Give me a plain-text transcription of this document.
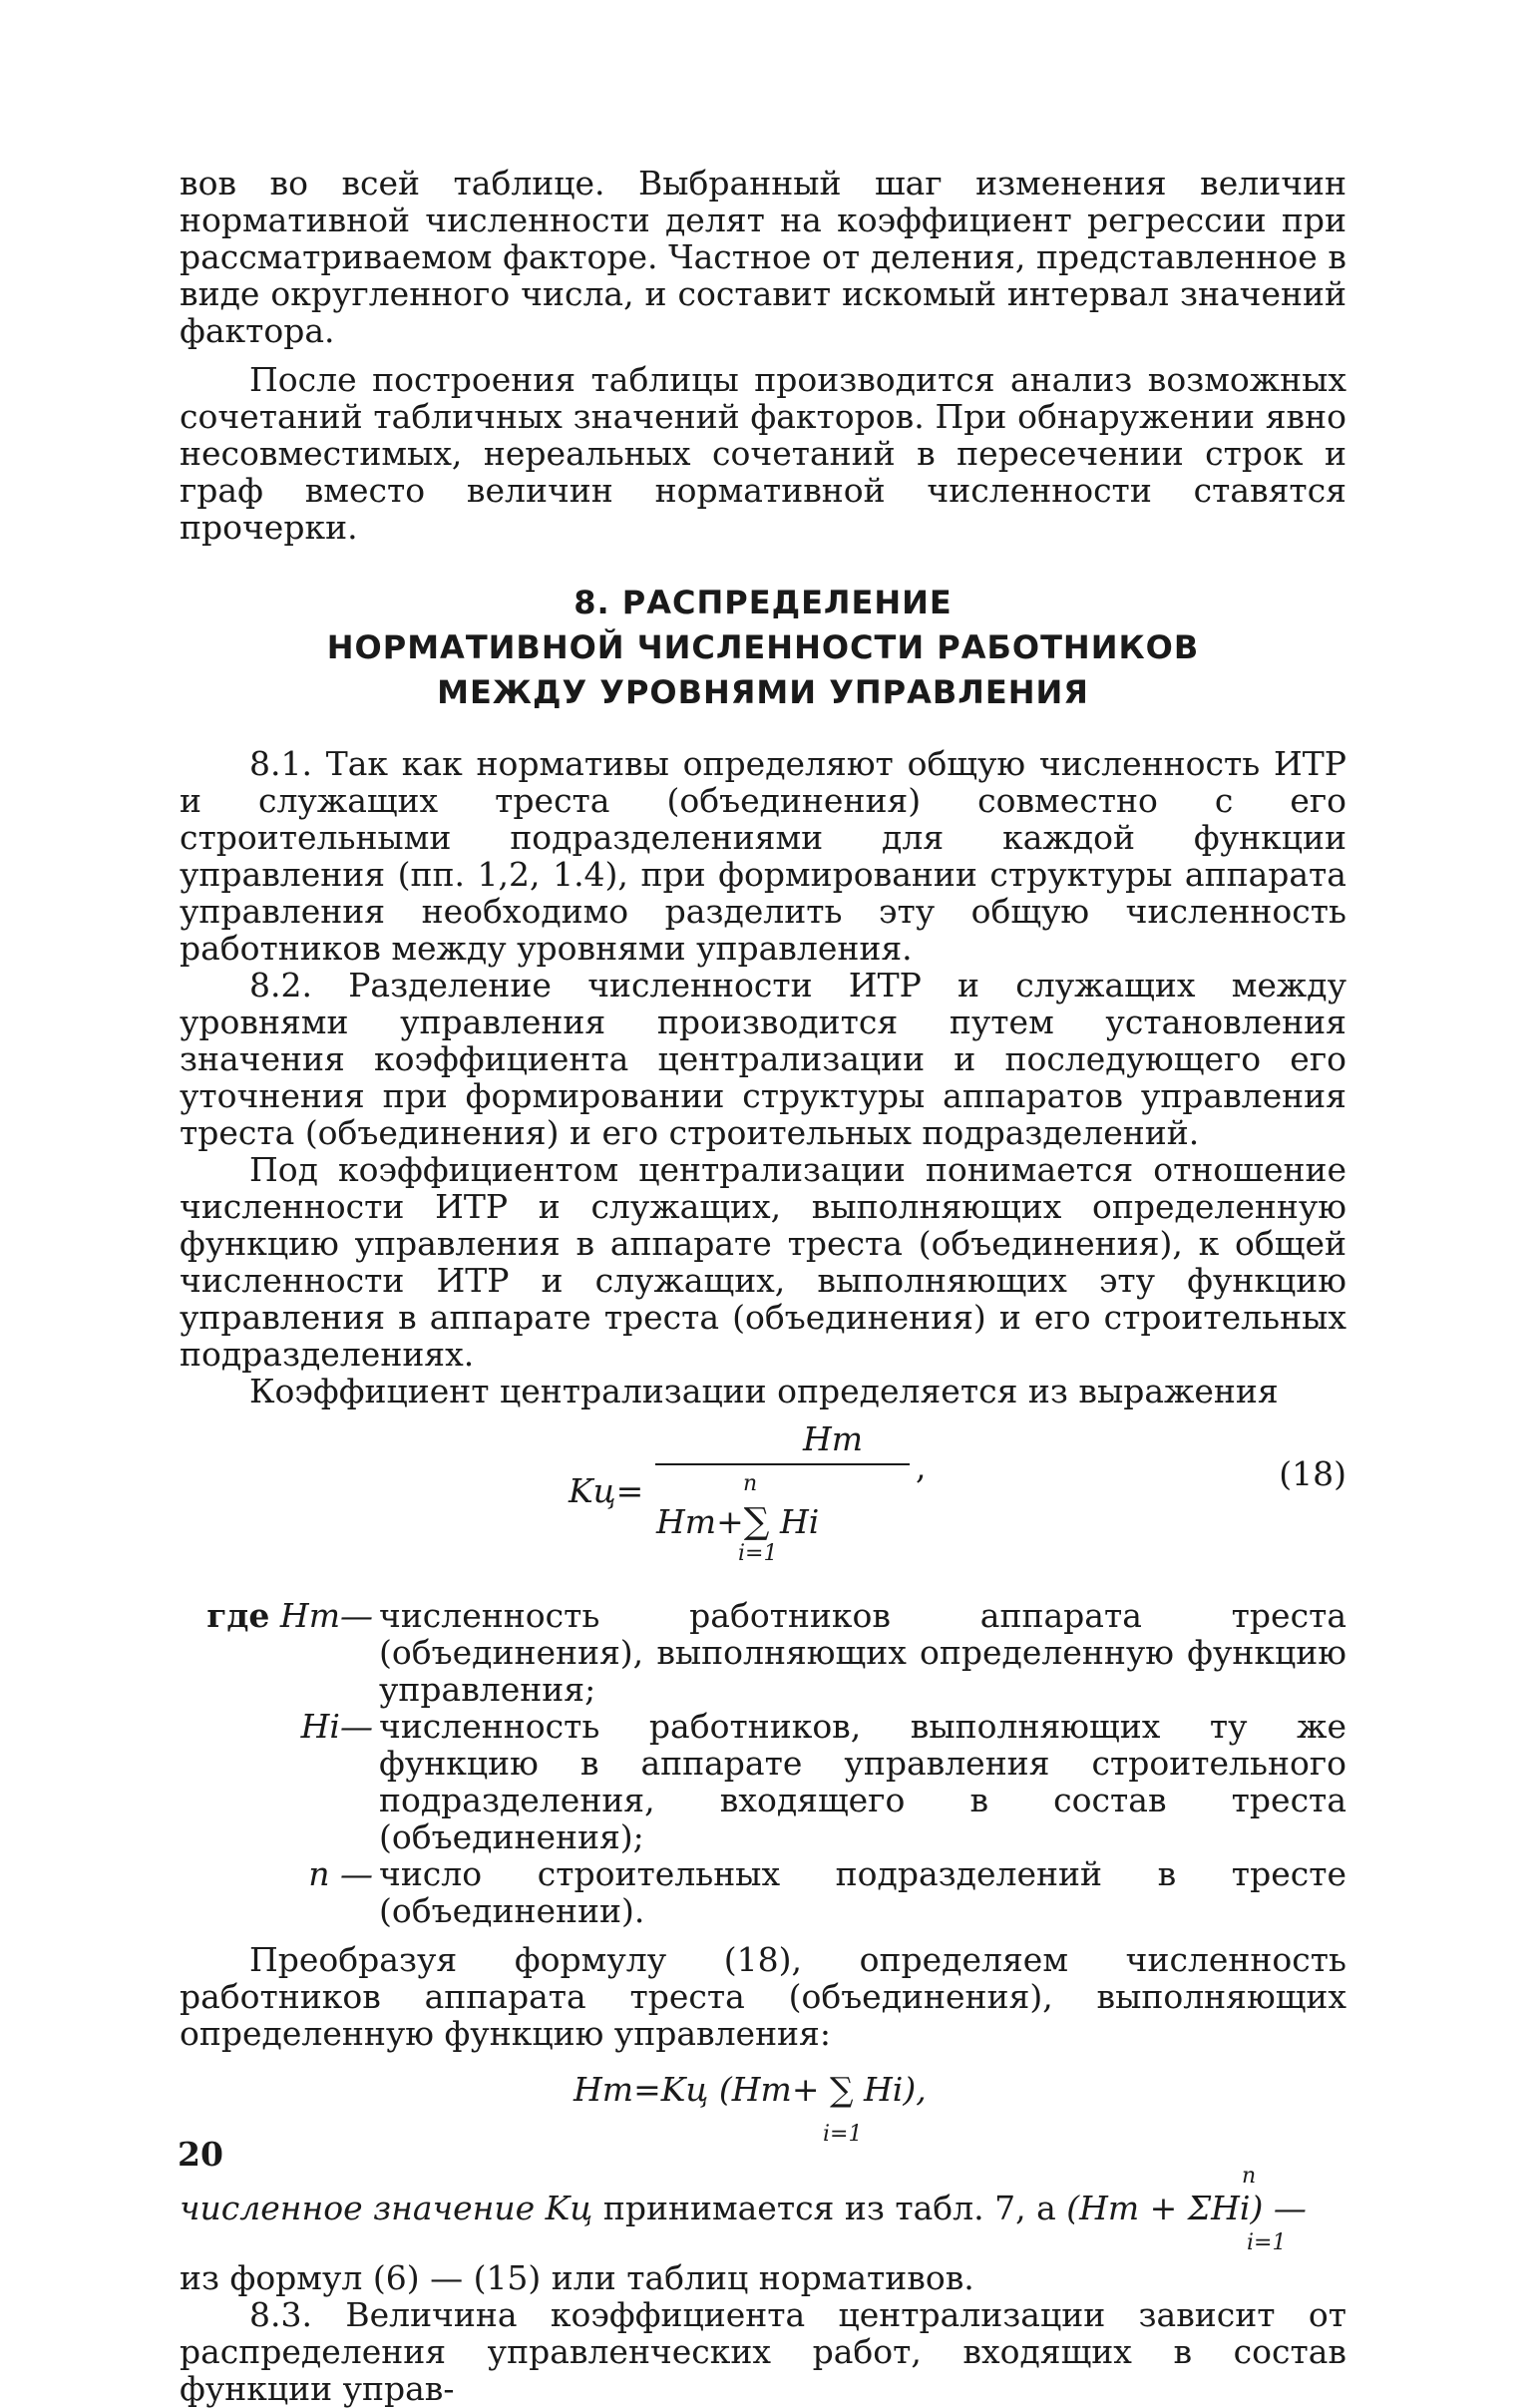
вов во всей таблице. Выбранный шаг изменения величин нормативной численности делят на коэффициент регрессии при рассматриваемом факторе. Частное от деления, представленное в виде округленного числа, и составит искомый интервал значений фактора.

После построения таблицы производится анализ возможных сочетаний табличных значений факторов. При обнаружении явно несовместимых, нереальных сочетаний в пересечении строк и граф вместо величин нормативной численности ставятся прочерки.

8. РАСПРЕДЕЛЕНИЕ
НОРМАТИВНОЙ ЧИСЛЕННОСТИ РАБОТНИКОВ
МЕЖДУ УРОВНЯМИ УПРАВЛЕНИЯ

8.1. Так как нормативы определяют общую численность ИТР и служащих треста (объединения) совместно с его строительными подразделениями для каждой функции управления (пп. 1,2, 1.4), при формировании структуры аппарата управления необходимо разделить эту общую численность работников между уровнями управления.

8.2. Разделение численности ИТР и служащих между уровнями управления производится путем установления значения коэффициента централизации и последующего его уточнения при формировании структуры аппаратов управления треста (объединения) и его строительных подразделений.

Под коэффициентом централизации понимается отношение численности ИТР и служащих, выполняющих определенную функцию управления в аппарате треста (объединения), к общей численности ИТР и служащих, выполняющих эту функцию управления в аппарате треста (объединения) и его строительных подразделениях.

Коэффициент централизации определяется из выражения

Kц=
Hт
,
n
Hт+∑ Hi
i=1
(18)
где Hт— численность работников аппарата треста (объединения), выполняющих определенную функцию управления;
Hi— численность работников, выполняющих ту же функцию в аппарате управления строительного подразделения, входящего в состав треста (объединения);
n — число строительных подразделений в тресте (объединении).

Преобразуя формулу (18), определяем численность работников аппарата треста (объединения), выполняющих определенную функцию управления:

Hт=Kц (Hт+ ∑ Hi),
i=1
n
численное значение Kц принимается из табл. 7, а (Hт + ΣHi) —
i=1

из формул (6) — (15) или таблиц нормативов.

8.3. Величина коэффициента централизации зависит от распределения управленческих работ, входящих в состав функции управ-

20
